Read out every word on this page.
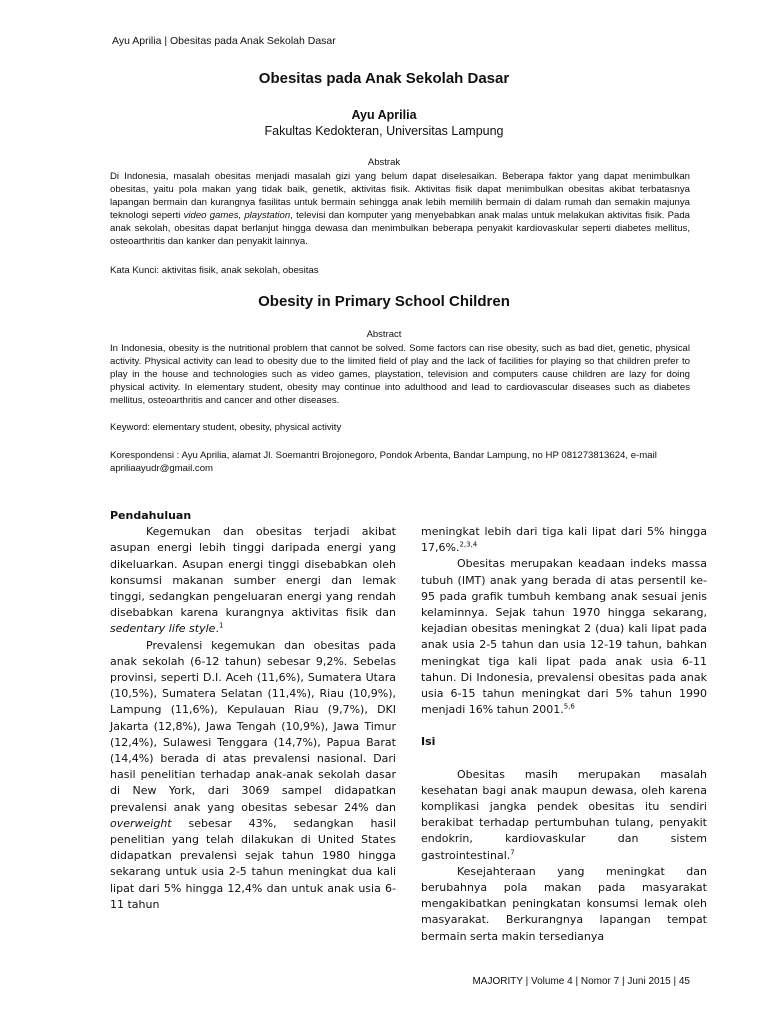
Ayu Aprilia | Obesitas pada Anak Sekolah Dasar
Obesitas pada Anak Sekolah Dasar
Ayu Aprilia
Fakultas Kedokteran, Universitas Lampung
Abstrak
Di Indonesia, masalah obesitas menjadi masalah gizi yang belum dapat diselesaikan. Beberapa faktor yang dapat menimbulkan obesitas, yaitu pola makan yang tidak baik, genetik, aktivitas fisik. Aktivitas fisik dapat menimbulkan obesitas akibat terbatasnya lapangan bermain dan kurangnya fasilitas untuk bermain sehingga anak lebih memilih bermain di dalam rumah dan semakin majunya teknologi seperti video games, playstation, televisi dan komputer yang menyebabkan anak malas untuk melakukan aktivitas fisik. Pada anak sekolah, obesitas dapat berlanjut hingga dewasa dan menimbulkan beberapa penyakit kardiovaskular seperti diabetes mellitus, osteoarthritis dan kanker dan penyakit lainnya.
Kata Kunci: aktivitas fisik, anak sekolah, obesitas
Obesity in Primary School Children
Abstract
In Indonesia, obesity is the nutritional problem that cannot be solved. Some factors can rise obesity, such as bad diet, genetic, physical activity. Physical activity can lead to obesity due to the limited field of play and the lack of facilities for playing so that children prefer to play in the house and technologies such as video games, playstation, television and computers cause children are lazy for doing physical activity. In elementary student, obesity may continue into adulthood and lead to cardiovascular diseases such as diabetes mellitus, osteoarthritis and cancer and other diseases.
Keyword: elementary student, obesity, physical activity
Korespondensi : Ayu Aprilia, alamat Jl. Soemantri Brojonegoro, Pondok Arbenta, Bandar Lampung, no HP 081273813624, e-mail apriliaayudr@gmail.com
Pendahuluan

Kegemukan dan obesitas terjadi akibat asupan energi lebih tinggi daripada energi yang dikeluarkan. Asupan energi tinggi disebabkan oleh konsumsi makanan sumber energi dan lemak tinggi, sedangkan pengeluaran energi yang rendah disebabkan karena kurangnya aktivitas fisik dan sedentary life style.$^1$

Prevalensi kegemukan dan obesitas pada anak sekolah (6-12 tahun) sebesar 9,2%. Sebelas provinsi, seperti D.I. Aceh (11,6%), Sumatera Utara (10,5%), Sumatera Selatan (11,4%), Riau (10,9%), Lampung (11,6%), Kepulauan Riau (9,7%), DKI Jakarta (12,8%), Jawa Tengah (10,9%), Jawa Timur (12,4%), Sulawesi Tenggara (14,7%), Papua Barat (14,4%) berada di atas prevalensi nasional. Dari hasil penelitian terhadap anak-anak sekolah dasar di New York, dari 3069 sampel didapatkan prevalensi anak yang obesitas sebesar 24% dan overweight sebesar 43%, sedangkan hasil penelitian yang telah dilakukan di United States didapatkan prevalensi sejak tahun 1980 hingga sekarang untuk usia 2-5 tahun meningkat dua kali lipat dari 5% hingga 12,4% dan untuk anak usia 6-11 tahun

meningkat lebih dari tiga kali lipat dari 5% hingga 17,6%.$^{2,3,4}$

Obesitas merupakan keadaan indeks massa tubuh (IMT) anak yang berada di atas persentil ke-95 pada grafik tumbuh kembang anak sesuai jenis kelaminnya. Sejak tahun 1970 hingga sekarang, kejadian obesitas meningkat 2 (dua) kali lipat pada anak usia 2-5 tahun dan usia 12-19 tahun, bahkan meningkat tiga kali lipat pada anak usia 6-11 tahun. Di Indonesia, prevalensi obesitas pada anak usia 6-15 tahun meningkat dari 5% tahun 1990 menjadi 16% tahun 2001.$^{5,6}$

Isi

Obesitas masih merupakan masalah kesehatan bagi anak maupun dewasa, oleh karena komplikasi jangka pendek obesitas itu sendiri berakibat terhadap pertumbuhan tulang, penyakit endokrin, kardiovaskular dan sistem gastrointestinal.$^7$

Kesejahteraan yang meningkat dan berubahnya pola makan pada masyarakat mengakibatkan peningkatan konsumsi lemak oleh masyarakat. Berkurangnya lapangan tempat bermain serta makin tersedianya

MAJORITY | Volume 4 | Nomor 7 | Juni 2015 | 45
